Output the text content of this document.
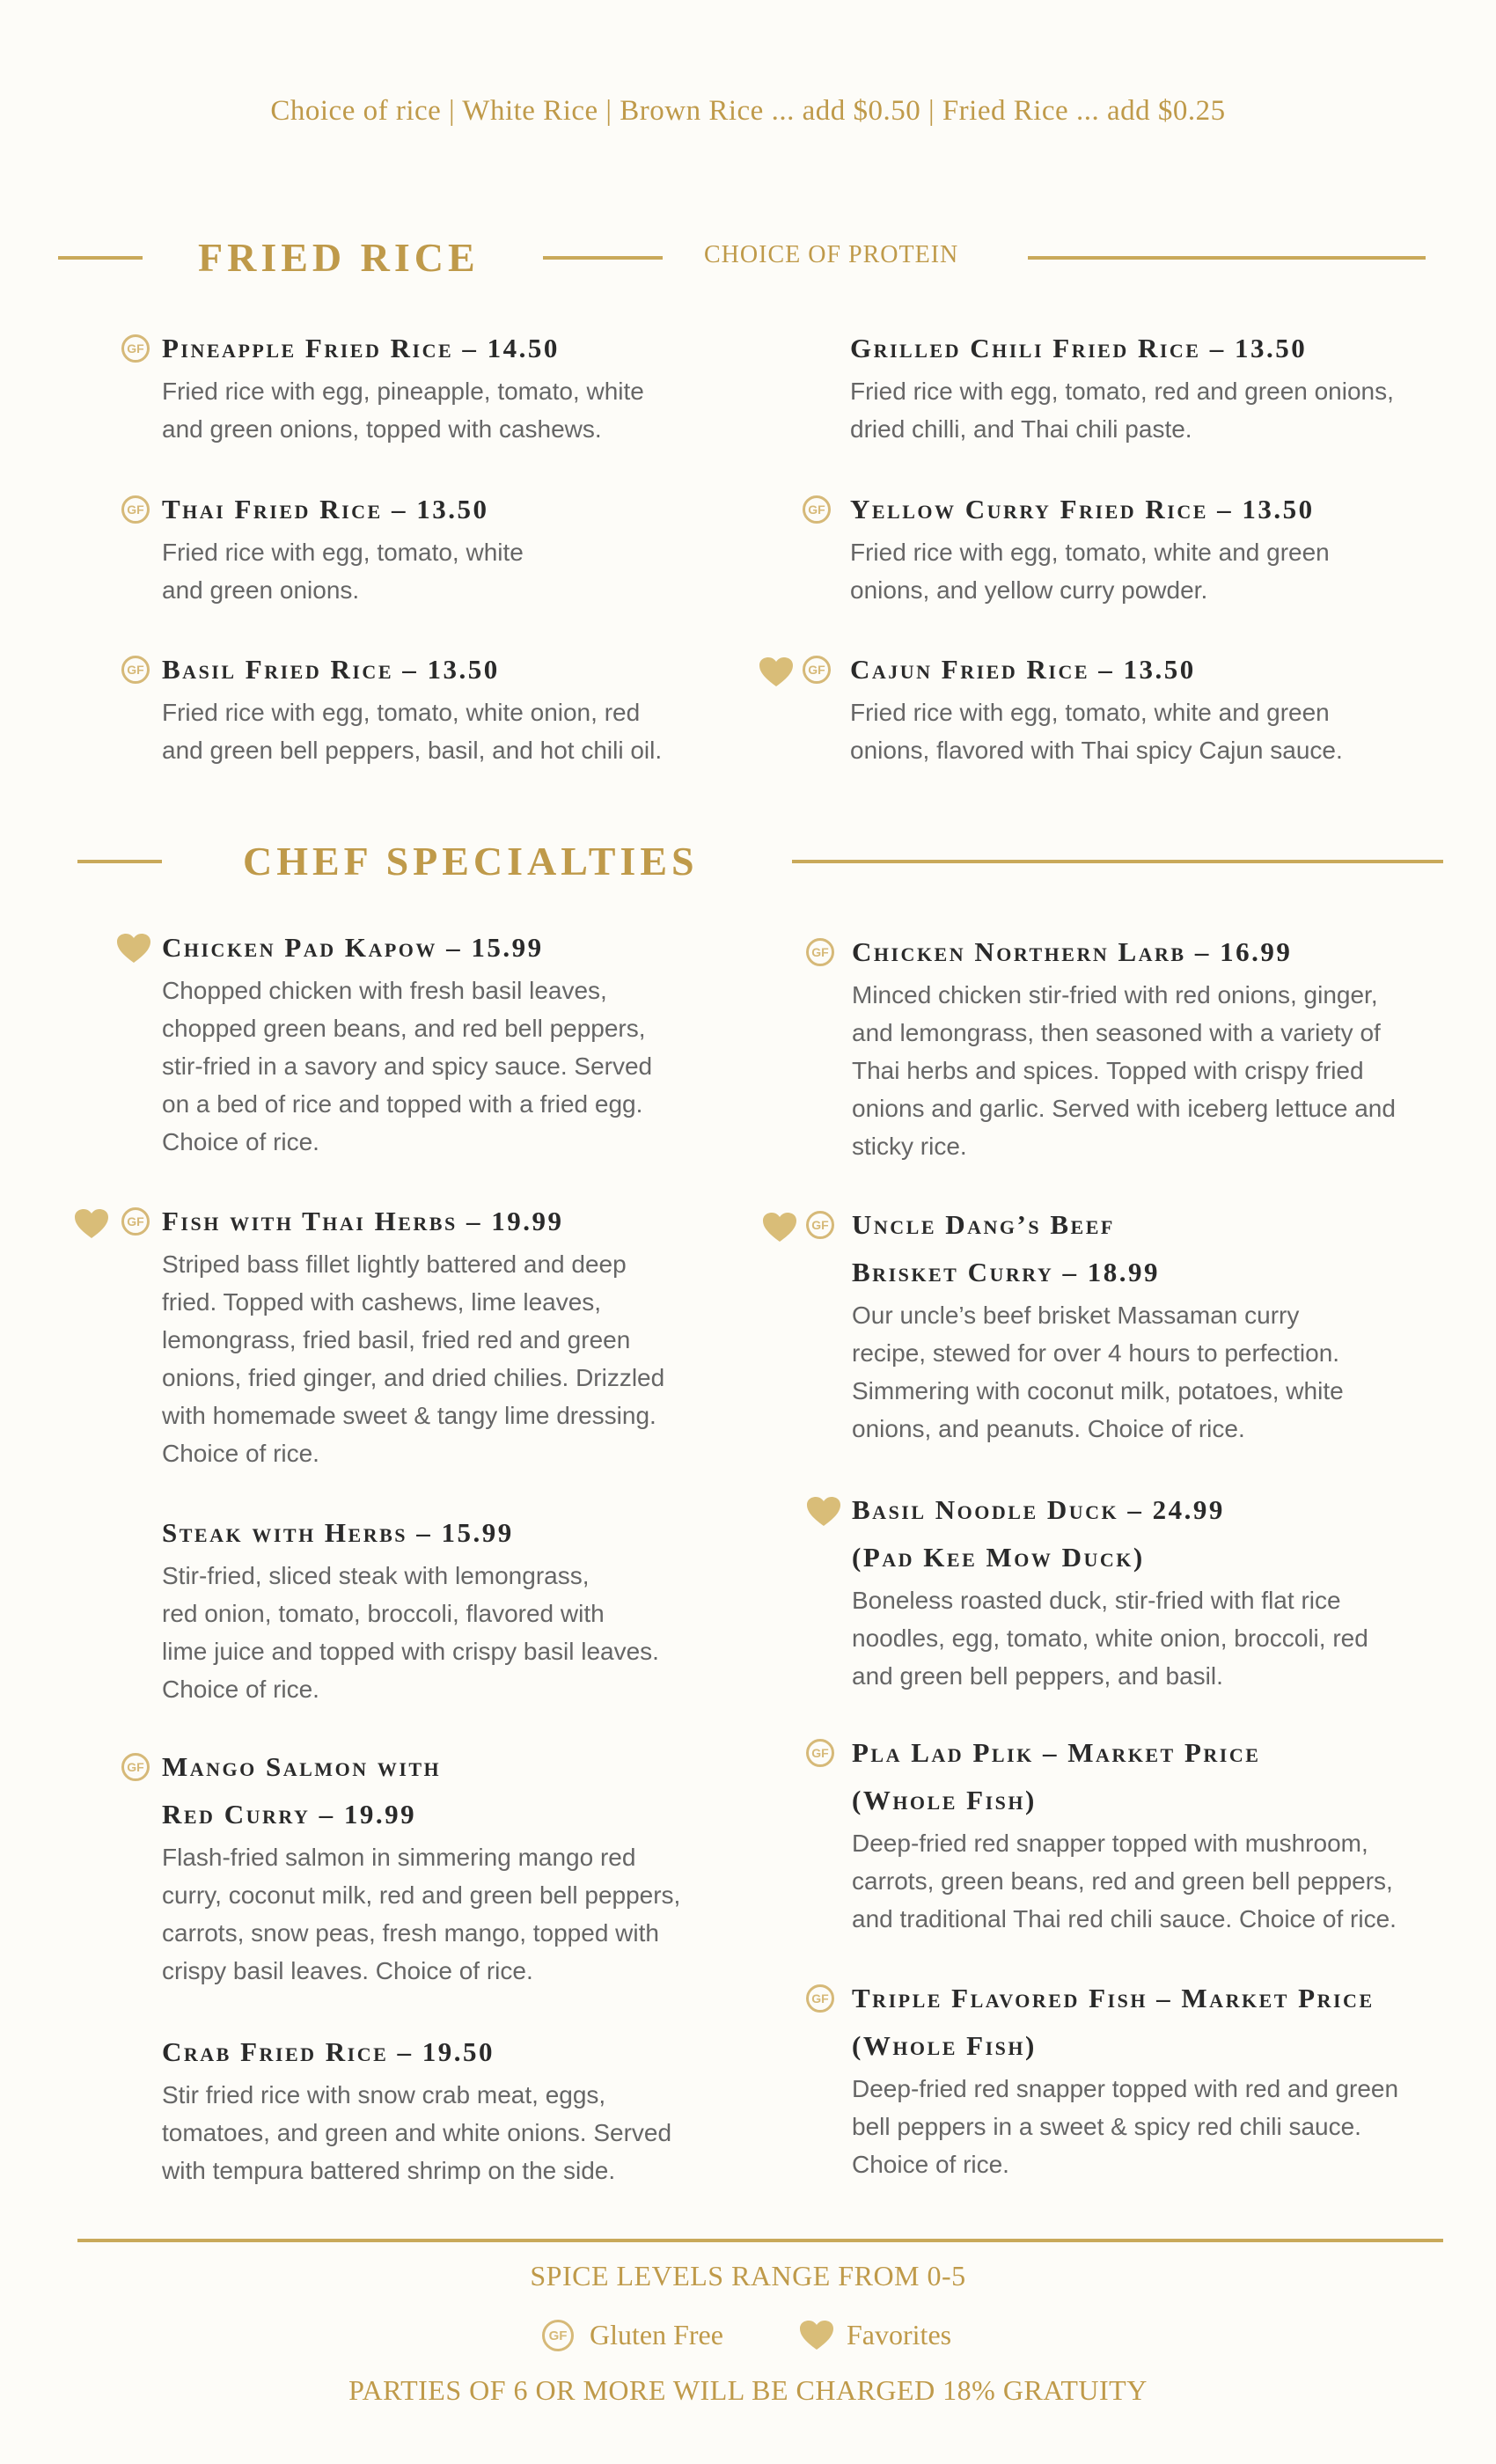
Choice of rice | White Rice | Brown Rice ... add $0.50 | Fried Rice ... add $0.25
FRIED RICE	CHOICE OF PROTEIN
GF Pineapple Fried Rice – 14.50
Fried rice with egg, pineapple, tomato, white
and green onions, topped with cashews.
GF Thai Fried Rice – 13.50
Fried rice with egg, tomato, white
and green onions.
GF Basil Fried Rice – 13.50
Fried rice with egg, tomato, white onion, red
and green bell peppers, basil, and hot chili oil.
Grilled Chili Fried Rice – 13.50
Fried rice with egg, tomato, red and green onions,
dried chilli, and Thai chili paste.
GF Yellow Curry Fried Rice – 13.50
Fried rice with egg, tomato, white and green
onions, and yellow curry powder.
GF Cajun Fried Rice – 13.50
Fried rice with egg, tomato, white and green
onions, flavored with Thai spicy Cajun sauce.
CHEF SPECIALTIES
Chicken Pad Kapow – 15.99
Chopped chicken with fresh basil leaves,
chopped green beans, and red bell peppers,
stir-fried in a savory and spicy sauce. Served
on a bed of rice and topped with a fried egg.
Choice of rice.
GF Fish with Thai Herbs – 19.99
Striped bass fillet lightly battered and deep
fried. Topped with cashews, lime leaves,
lemongrass, fried basil, fried red and green
onions, fried ginger, and dried chilies. Drizzled
with homemade sweet & tangy lime dressing.
Choice of rice.
Steak with Herbs – 15.99
Stir-fried, sliced steak with lemongrass,
red onion, tomato, broccoli, flavored with
lime juice and topped with crispy basil leaves.
Choice of rice.
GF Mango Salmon with
Red Curry – 19.99
Flash-fried salmon in simmering mango red
curry, coconut milk, red and green bell peppers,
carrots, snow peas, fresh mango, topped with
crispy basil leaves. Choice of rice.
Crab Fried Rice – 19.50
Stir fried rice with snow crab meat, eggs,
tomatoes, and green and white onions. Served
with tempura battered shrimp on the side.
GF Chicken Northern Larb – 16.99
Minced chicken stir-fried with red onions, ginger,
and lemongrass, then seasoned with a variety of
Thai herbs and spices. Topped with crispy fried
onions and garlic. Served with iceberg lettuce and
sticky rice.
GF Uncle Dang’s Beef
Brisket Curry – 18.99
Our uncle’s beef brisket Massaman curry
recipe, stewed for over 4 hours to perfection.
Simmering with coconut milk, potatoes, white
onions, and peanuts. Choice of rice.
Basil Noodle Duck – 24.99
(Pad Kee Mow Duck)
Boneless roasted duck, stir-fried with flat rice
noodles, egg, tomato, white onion, broccoli, red
and green bell peppers, and basil.
GF Pla Lad Plik – Market Price
(Whole Fish)
Deep-fried red snapper topped with mushroom,
carrots, green beans, red and green bell peppers,
and traditional Thai red chili sauce. Choice of rice.
GF Triple Flavored Fish – Market Price
(Whole Fish)
Deep-fried red snapper topped with red and green
bell peppers in a sweet & spicy red chili sauce.
Choice of rice.
SPICE LEVELS RANGE FROM 0-5
GF Gluten Free	Favorites
PARTIES OF 6 OR MORE WILL BE CHARGED 18% GRATUITY
